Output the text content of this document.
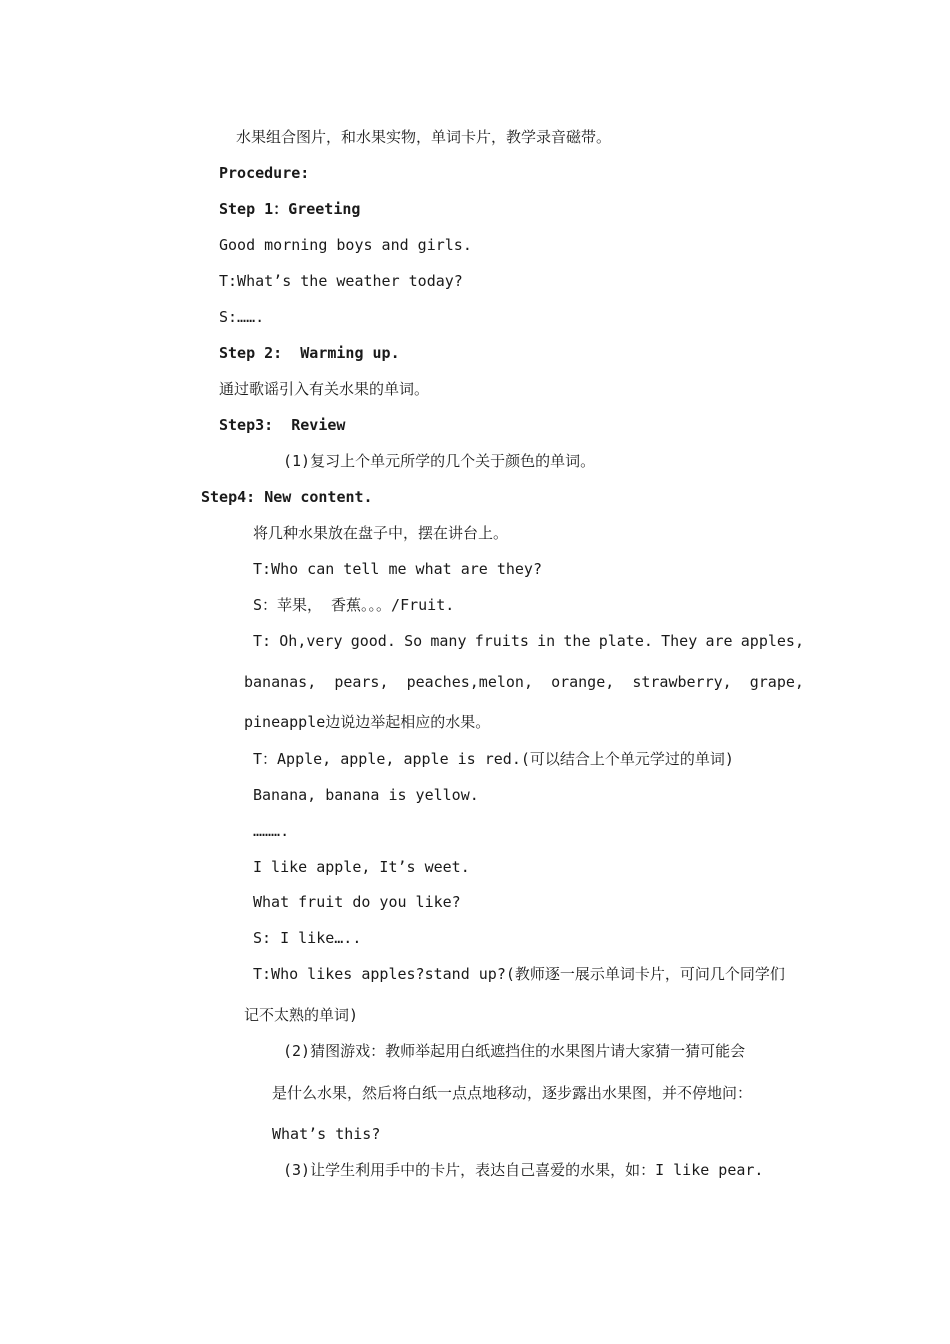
水果组合图片，和水果实物，单词卡片，教学录音磁带。
Procedure:
Step 1：Greeting
Good morning boys and girls.
T:What’s the weather today?
S:…….
Step 2:  Warming up.
通过歌谣引入有关水果的单词。
Step3:  Review
(1)复习上个单元所学的几个关于颜色的单词。
Step4: New content.
将几种水果放在盘子中，摆在讲台上。
T:Who can tell me what are they?
S：苹果， 香蕉。。。/Fruit.
T: Oh,very good. So many fruits in the plate. They are apples,
bananas, pears, peaches,melon, orange, strawberry, grape,
pineapple边说边举起相应的水果。
T：Apple, apple, apple is red.(可以结合上个单元学过的单词)
Banana, banana is yellow.
……….
I like apple, It’s weet.
What fruit do you like?
S: I like…..
T:Who likes apples?stand up?(教师逐一展示单词卡片，可问几个同学们
记不太熟的单词)
(2)猜图游戏：教师举起用白纸遮挡住的水果图片请大家猜一猜可能会
是什么水果，然后将白纸一点点地移动，逐步露出水果图，并不停地问：
What’s this?
(3)让学生利用手中的卡片，表达自己喜爱的水果，如：I like pear.
